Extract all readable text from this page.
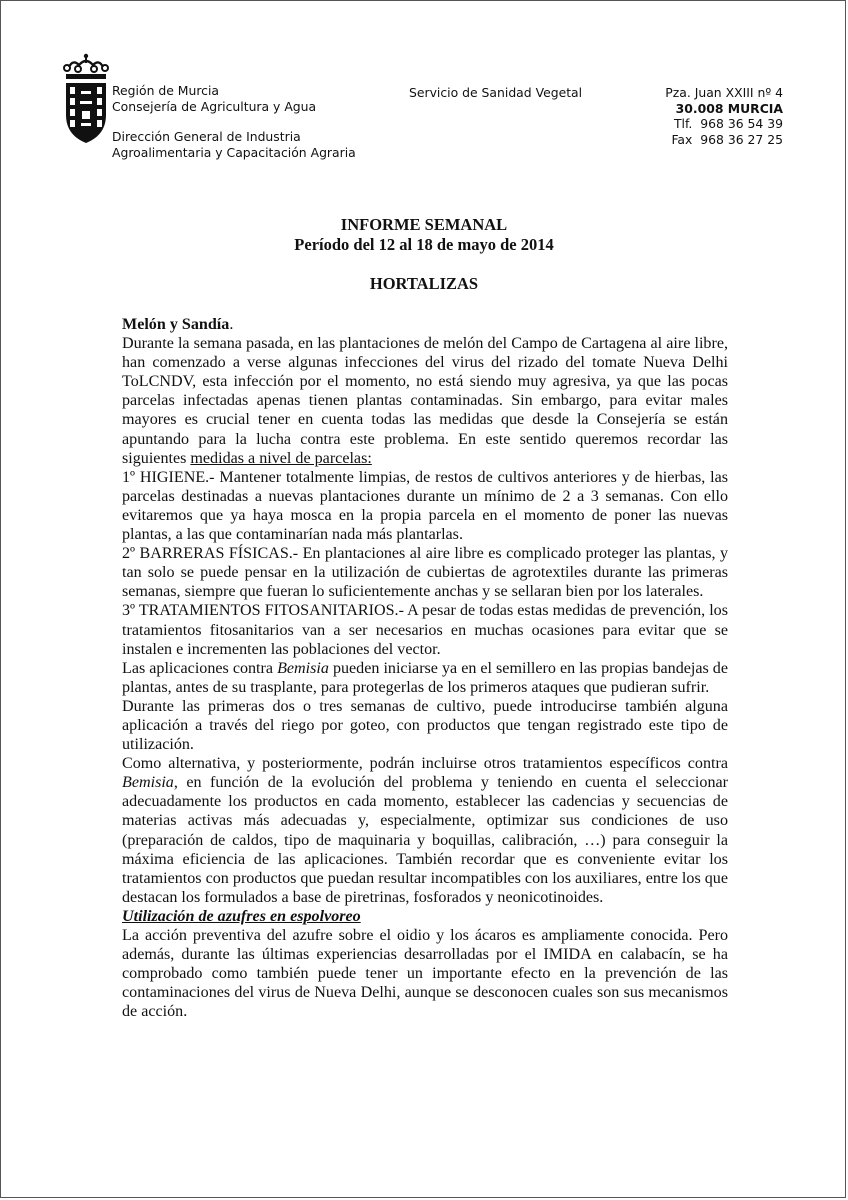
Región de Murcia
Consejería de Agricultura y Agua
Dirección General de Industria
Agroalimentaria y Capacitación Agraria
Servicio de Sanidad Vegetal	Pza. Juan XXIII nº 4
30.008 MURCIA
Tlf.  968 36 54 39
Fax  968 36 27 25
INFORME SEMANAL
Período del 12 al 18 de mayo de 2014
HORTALIZAS

Melón y Sandía.

Durante la semana pasada, en las plantaciones de melón del Campo de Cartagena al aire libre, han comenzado a verse algunas infecciones del virus del rizado del tomate Nueva Delhi ToLCNDV, esta infección por el momento, no está siendo muy agresiva, ya que las pocas parcelas infectadas apenas tienen plantas contaminadas. Sin embargo, para evitar males mayores es crucial tener en cuenta todas las medidas que desde la Consejería se están apuntando para la lucha contra este problema. En este sentido queremos recordar las siguientes medidas a nivel de parcelas:

1º HIGIENE.- Mantener totalmente limpias, de restos de cultivos anteriores y de hierbas, las parcelas destinadas a nuevas plantaciones durante un mínimo de 2 a 3 semanas. Con ello evitaremos que ya haya mosca en la propia parcela en el momento de poner las nuevas plantas, a las que contaminarían nada más plantarlas.

2º BARRERAS FÍSICAS.- En plantaciones al aire libre es complicado proteger las plantas, y tan solo se puede pensar en la utilización de cubiertas de agrotextiles durante las primeras semanas, siempre que fueran lo suficientemente anchas y se sellaran bien por los laterales.

3º TRATAMIENTOS FITOSANITARIOS.- A pesar de todas estas medidas de prevención, los tratamientos fitosanitarios van a ser necesarios en muchas ocasiones para evitar que se instalen e incrementen las poblaciones del vector.

Las aplicaciones contra Bemisia pueden iniciarse ya en el semillero en las propias bandejas de plantas, antes de su trasplante, para protegerlas de los primeros ataques que pudieran sufrir.

Durante las primeras dos o tres semanas de cultivo, puede introducirse también alguna aplicación a través del riego por goteo, con productos que tengan registrado este tipo de utilización.

Como alternativa, y posteriormente, podrán incluirse otros tratamientos específicos contra Bemisia, en función de la evolución del problema y teniendo en cuenta el seleccionar adecuadamente los productos en cada momento, establecer las cadencias y secuencias de materias activas más adecuadas y, especialmente, optimizar sus condiciones de uso (preparación de caldos, tipo de maquinaria y boquillas, calibración, …) para conseguir la máxima eficiencia de las aplicaciones. También recordar que es conveniente evitar los tratamientos con productos que puedan resultar incompatibles con los auxiliares, entre los que destacan los formulados a base de piretrinas, fosforados y neonicotinoides.

Utilización de azufres en espolvoreo

La acción preventiva del azufre sobre el oidio y los ácaros es ampliamente conocida. Pero además, durante las últimas experiencias desarrolladas por el IMIDA en calabacín, se ha comprobado como también puede tener un importante efecto en la prevención de las contaminaciones del virus de Nueva Delhi, aunque se desconocen cuales son sus mecanismos de acción.
